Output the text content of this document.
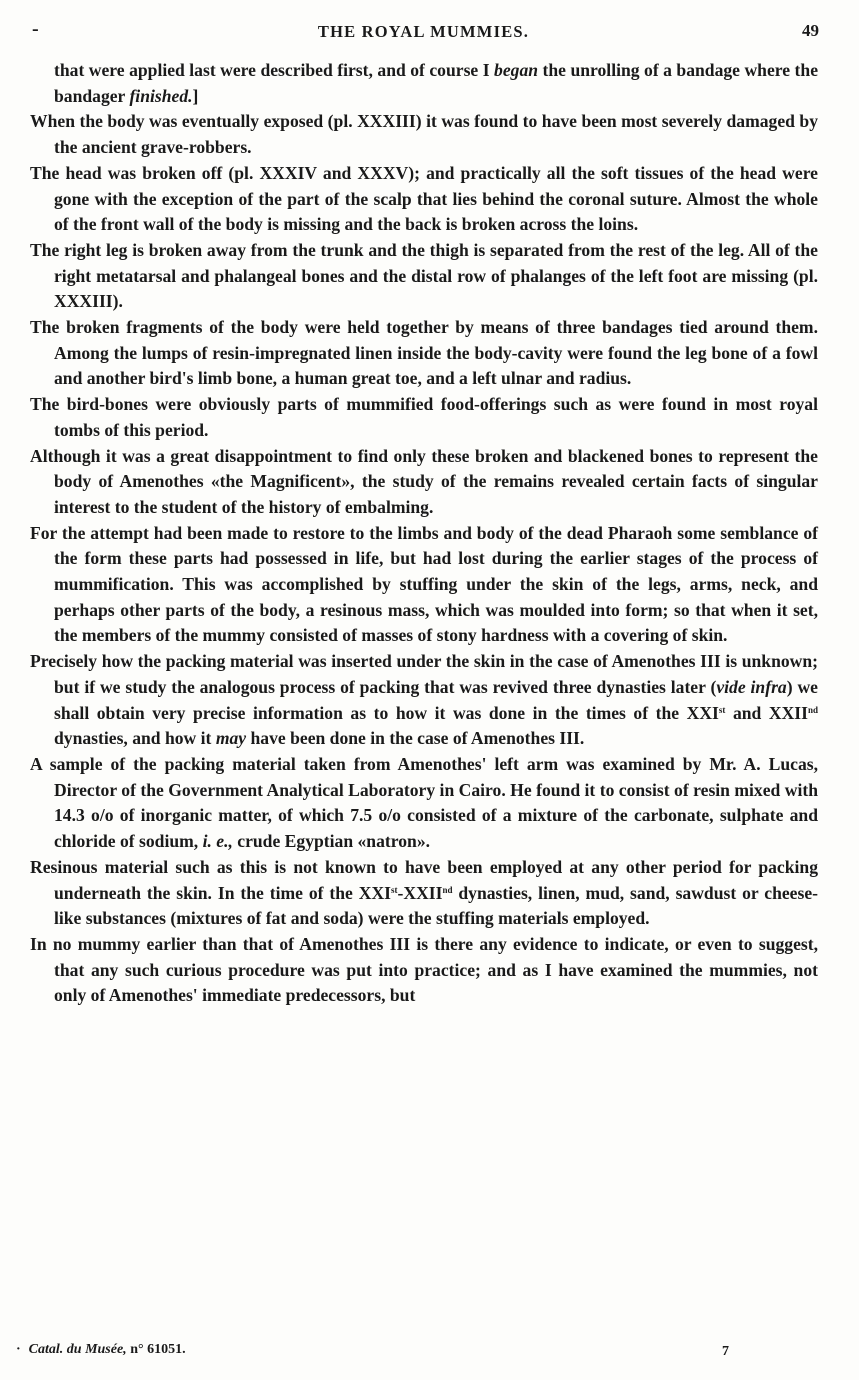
-	THE ROYAL MUMMIES.	49

that were applied last were described first, and of course I began the unrolling of a bandage where the bandager finished.]

When the body was eventually exposed (pl. XXXIII) it was found to have been most severely damaged by the ancient grave-robbers.

The head was broken off (pl. XXXIV and XXXV); and practically all the soft tissues of the head were gone with the exception of the part of the scalp that lies behind the coronal suture. Almost the whole of the front wall of the body is missing and the back is broken across the loins.

The right leg is broken away from the trunk and the thigh is separated from the rest of the leg. All of the right metatarsal and phalangeal bones and the distal row of phalanges of the left foot are missing (pl. XXXIII).

The broken fragments of the body were held together by means of three bandages tied around them. Among the lumps of resin-impregnated linen inside the body-cavity were found the leg bone of a fowl and another bird's limb bone, a human great toe, and a left ulnar and radius.

The bird-bones were obviously parts of mummified food-offerings such as were found in most royal tombs of this period.

Although it was a great disappointment to find only these broken and blackened bones to represent the body of Amenothes «the Magnificent», the study of the remains revealed certain facts of singular interest to the student of the history of embalming.

For the attempt had been made to restore to the limbs and body of the dead Pharaoh some semblance of the form these parts had possessed in life, but had lost during the earlier stages of the process of mummification. This was accomplished by stuffing under the skin of the legs, arms, neck, and perhaps other parts of the body, a resinous mass, which was moulded into form; so that when it set, the members of the mummy consisted of masses of stony hardness with a covering of skin.

Precisely how the packing material was inserted under the skin in the case of Amenothes III is unknown; but if we study the analogous process of packing that was revived three dynasties later (vide infra) we shall obtain very precise information as to how it was done in the times of the XXIst and XXIInd dynasties, and how it may have been done in the case of Amenothes III.

A sample of the packing material taken from Amenothes' left arm was examined by Mr. A. Lucas, Director of the Government Analytical Laboratory in Cairo. He found it to consist of resin mixed with 14.3 o/o of inorganic matter, of which 7.5 o/o consisted of a mixture of the carbonate, sulphate and chloride of sodium, i. e., crude Egyptian «natron».

Resinous material such as this is not known to have been employed at any other period for packing underneath the skin. In the time of the XXIst-XXIInd dynasties, linen, mud, sand, sawdust or cheese-like substances (mixtures of fat and soda) were the stuffing materials employed.

In no mummy earlier than that of Amenothes III is there any evidence to indicate, or even to suggest, that any such curious procedure was put into practice; and as I have examined the mummies, not only of Amenothes' immediate predecessors, but

· Catal. du Musée, n° 61051.	7
